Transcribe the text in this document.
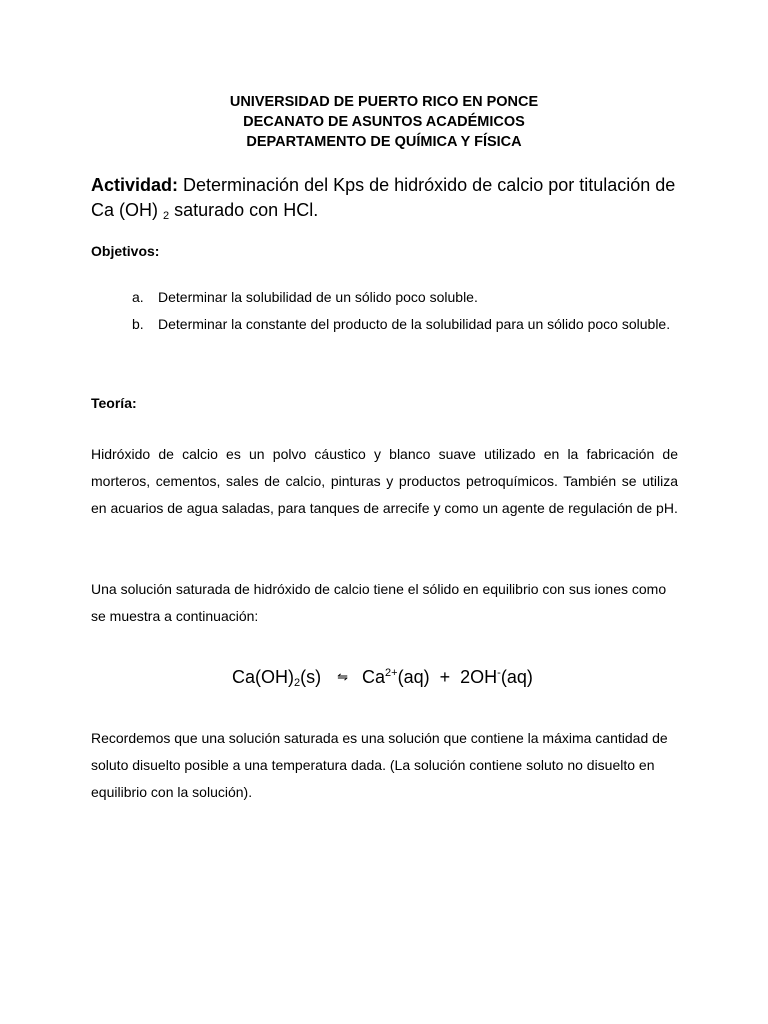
UNIVERSIDAD DE PUERTO RICO EN PONCE
DECANATO DE ASUNTOS ACADÉMICOS
DEPARTAMENTO DE QUÍMICA Y FÍSICA
Actividad: Determinación del Kps de hidróxido de calcio por titulación de Ca (OH) $_2$ saturado con HCl.
Objetivos:
a. Determinar la solubilidad de un sólido poco soluble.
b. Determinar la constante del producto de la solubilidad para un sólido poco soluble.
Teoría:
Hidróxido de calcio es un polvo cáustico y blanco suave utilizado en la fabricación de morteros, cementos, sales de calcio, pinturas y productos petroquímicos. También se utiliza en acuarios de agua saladas, para tanques de arrecife y como un agente de regulación de pH.
Una solución saturada de hidróxido de calcio tiene el sólido en equilibrio con sus iones como se muestra a continuación:
$Ca(OH)_2(s)$ ⇋ $Ca^{2+}(aq) + 2OH^-(aq)$
Recordemos que una solución saturada es una solución que contiene la máxima cantidad de soluto disuelto posible a una temperatura dada. (La solución contiene soluto no disuelto en equilibrio con la solución).
